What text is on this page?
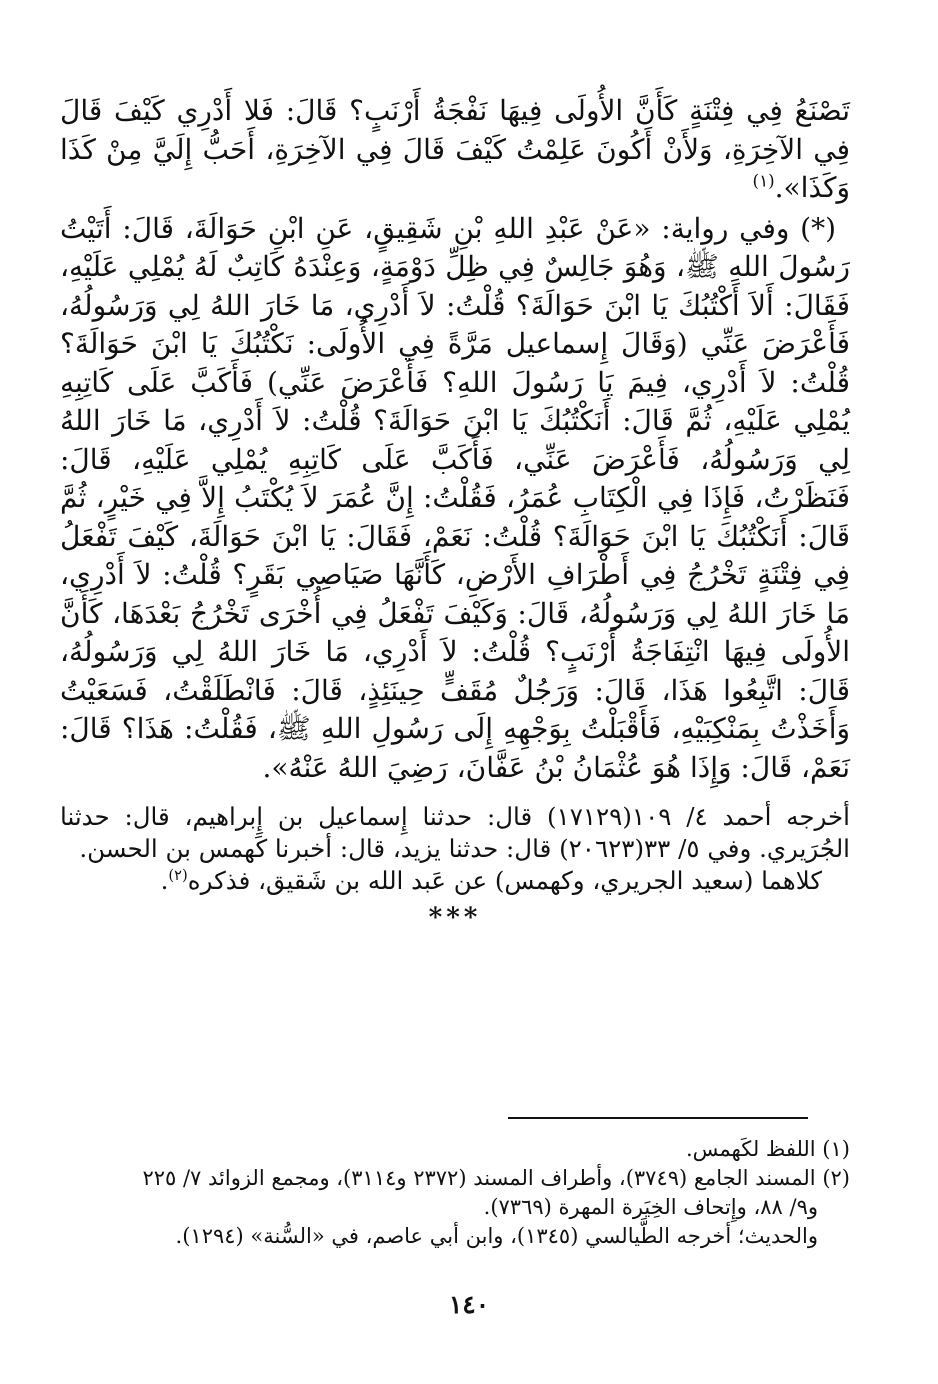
تَصْنَعُ فِي فِتْنَةٍ كَأَنَّ الأُولَى فِيهَا نَفْجَةُ أَرْنَبٍ؟ قَالَ: فَلا أَدْرِي كَيْفَ قَالَ فِي الآخِرَةِ، وَلأَنْ أَكُونَ عَلِمْتُ كَيْفَ قَالَ فِي الآخِرَةِ، أَحَبُّ إِلَيَّ مِنْ كَذَا وَكَذَا».$^{(١)}$

(*) وفي رواية: «عَنْ عَبْدِ اللهِ بْنِ شَقِيقٍ، عَنِ ابْنِ حَوَالَةَ، قَالَ: أَتَيْتُ رَسُولَ اللهِ ﷺ، وَهُوَ جَالِسٌ فِي ظِلِّ دَوْمَةٍ، وَعِنْدَهُ كَاتِبٌ لَهُ يُمْلِي عَلَيْهِ، فَقَالَ: أَلاَ أَكْتُبُكَ يَا ابْنَ حَوَالَةَ؟ قُلْتُ: لاَ أَدْرِي، مَا خَارَ اللهُ لِي وَرَسُولُهُ، فَأَعْرَضَ عَنِّي (وَقَالَ إِسماعيل مَرَّةً فِي الأُولَى: نَكْتُبُكَ يَا ابْنَ حَوَالَةَ؟ قُلْتُ: لاَ أَدْرِي، فِيمَ يَا رَسُولَ اللهِ؟ فَأَعْرَضَ عَنِّي) فَأَكَبَّ عَلَى كَاتِبِهِ يُمْلِي عَلَيْهِ، ثُمَّ قَالَ: أَنَكْتُبُكَ يَا ابْنَ حَوَالَةَ؟ قُلْتُ: لاَ أَدْرِي، مَا خَارَ اللهُ لِي وَرَسُولُهُ، فَأَعْرَضَ عَنِّي، فَأَكَبَّ عَلَى كَاتِبِهِ يُمْلِي عَلَيْهِ، قَالَ: فَنَظَرْتُ، فَإِذَا فِي الْكِتَابِ عُمَرُ، فَقُلْتُ: إِنَّ عُمَرَ لاَ يُكْتَبُ إِلاَّ فِي خَيْرٍ، ثُمَّ قَالَ: أَنَكْتُبُكَ يَا ابْنَ حَوَالَةَ؟ قُلْتُ: نَعَمْ، فَقَالَ: يَا ابْنَ حَوَالَةَ، كَيْفَ تَفْعَلُ فِي فِتْنَةٍ تَخْرُجُ فِي أَطْرَافِ الأَرْضِ، كَأَنَّهَا صَيَاصِي بَقَرٍ؟ قُلْتُ: لاَ أَدْرِي، مَا خَارَ اللهُ لِي وَرَسُولُهُ، قَالَ: وَكَيْفَ تَفْعَلُ فِي أُخْرَى تَخْرُجُ بَعْدَهَا، كَأَنَّ الأُولَى فِيهَا انْتِفَاجَةُ أَرْنَبٍ؟ قُلْتُ: لاَ أَدْرِي، مَا خَارَ اللهُ لِي وَرَسُولُهُ، قَالَ: اتَّبِعُوا هَذَا، قَالَ: وَرَجُلٌ مُقَفٍّ حِينَئِذٍ، قَالَ: فَانْطَلَقْتُ، فَسَعَيْتُ وَأَخَذْتُ بِمَنْكِبَيْهِ، فَأَقْبَلْتُ بِوَجْهِهِ إِلَى رَسُولِ اللهِ ﷺ، فَقُلْتُ: هَذَا؟ قَالَ: نَعَمْ، قَالَ: وَإِذَا هُوَ عُثْمَانُ بْنُ عَفَّانَ، رَضِيَ اللهُ عَنْهُ».

أخرجه أحمد ٤/ ١٠٩(١٧١٢٩) قال: حدثنا إِسماعيل بن إِبراهيم، قال: حدثنا الجُرَيري. وفي ٥/ ٣٣(٢٠٦٢٣) قال: حدثنا يزيد، قال: أخبرنا كَهمس بن الحسن.

كلاهما (سعيد الجريري، وكهمس) عن عَبد الله بن شَقيق، فذكره$^{(٢)}$.

***

(١) اللفظ لكَهمس.

(٢) المسند الجامع (٣٧٤٩)، وأطراف المسند (٢٣٧٢ و٣١١٤)، ومجمع الزوائد ٧/ ٢٢٥

و٩/ ٨٨، وإِتحاف الخِيَرة المهرة (٧٣٦٩).

والحديث؛ أخرجه الطَّيالسي (١٣٤٥)، وابن أبي عاصم، في «السُّنة» (١٢٩٤).

١٤٠
